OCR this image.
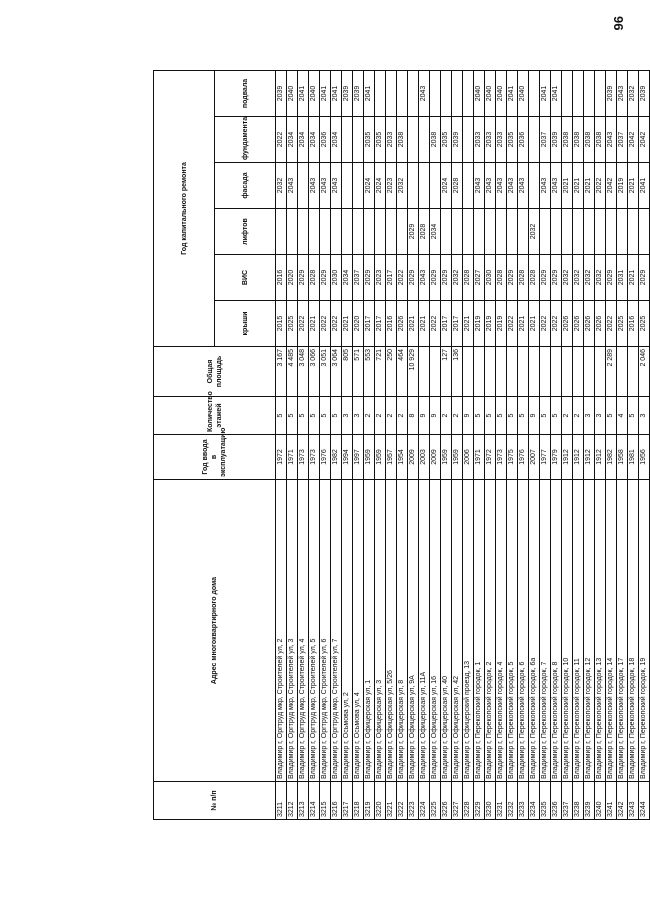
96
№ п/п	Адрес многоквартирного дома	Год ввода в эксплуатацию	Количество этажей	Общая площадь	Год капитального ремонта					
					крыши	ВИС	лифтов	фасада	фундамента	подвала
3211	Владимир г, Оргтруд мкр, Строителей ул, 2	1972	5	3 167	2015	2016		2032	2022	2039
3212	Владимир г, Оргтруд мкр, Строителей ул, 3	1971	5	4 485	2025	2020		2043	2034	2040
3213	Владимир г, Оргтруд мкр, Строителей ул, 4	1973	5	3 048	2022	2029			2034	2041
3214	Владимир г, Оргтруд мкр, Строителей ул, 5	1973	5	3 066	2021	2028		2043	2034	2040
3215	Владимир г, Оргтруд мкр, Строителей ул, 6	1976	5	3 051	2022	2029		2043	2036	2041
3216	Владимир г, Оргтруд мкр, Строителей ул, 7	1982	5	3 064	2022	2030		2043	2034	2041
3217	Владимир г, Осьмова ул, 2	1994	3	805	2021	2034				2039
3218	Владимир г, Осьмова ул, 4	1997	3	571	2020	2037				2039
3219	Владимир г, Офицерская ул, 1	1959	2	553	2017	2029		2024	2035	2041
3220	Владимир г, Офицерская ул, 3	1959	2	721	2017	2023		2024	2035	
3221	Владимир г, Офицерская ул, 5/26	1957	2	250	2016	2017		2023	2033	
3222	Владимир г, Офицерская ул, 8	1954	2	464	2026	2022		2032	2038	
3223	Владимир г, Офицерская ул, 9А	2009	8	10 929	2021	2029	2029			
3224	Владимир г, Офицерская ул, 11А	2003	9		2021	2043	2028			2043
3225	Владимир г, Офицерская ул, 16	2009	9		2022	2029	2034		2038	
3226	Владимир г, Офицерская ул, 40	1959	2	127	2017	2029		2024	2035	
3227	Владимир г, Офицерская ул, 42	1959	2	136	2017	2032		2028	2039	
3228	Владимир г, Офицерский проезд, 13	2006	9		2021	2028				
3229	Владимир г, Перекопский городок, 1	1971	5		2019	2027		2043	2033	2040
3230	Владимир г, Перекопский городок, 2	1972	5		2019	2030		2043	2033	2040
3231	Владимир г, Перекопский городок, 4	1973	5		2019	2028		2043	2033	2040
3232	Владимир г, Перекопский городок, 5	1975	5		2022	2029		2043	2035	2041
3233	Владимир г, Перекопский городок, 6	1976	5		2021	2028		2043	2036	2040
3234	Владимир г, Перекопский городок, 6а	2007	9		2021	2028	2032			
3235	Владимир г, Перекопский городок, 7	1977	5		2022	2029		2043	2037	2041
3236	Владимир г, Перекопский городок, 8	1979	5		2022	2029		2043	2039	2041
3237	Владимир г, Перекопский городок, 10	1912	2		2026	2032		2021	2038	
3238	Владимир г, Перекопский городок, 11	1912	2		2026	2032		2021	2038	
3239	Владимир г, Перекопский городок, 12	1912	3		2026	2032		2021	2038	
3240	Владимир г, Перекопский городок, 13	1912	3		2026	2032		2022	2038	
3241	Владимир г, Перекопский городок, 14	1982	5	2 289	2022	2029		2042	2043	2039
3242	Владимир г, Перекопский городок, 17	1958	4		2025	2031		2019	2037	2043
3243	Владимир г, Перекопский городок, 18	1981	5		2016	2021		2021	2042	2032
3244	Владимир г, Перекопский городок, 19	1956	3	2 046	2025	2029		2041	2042	2039
